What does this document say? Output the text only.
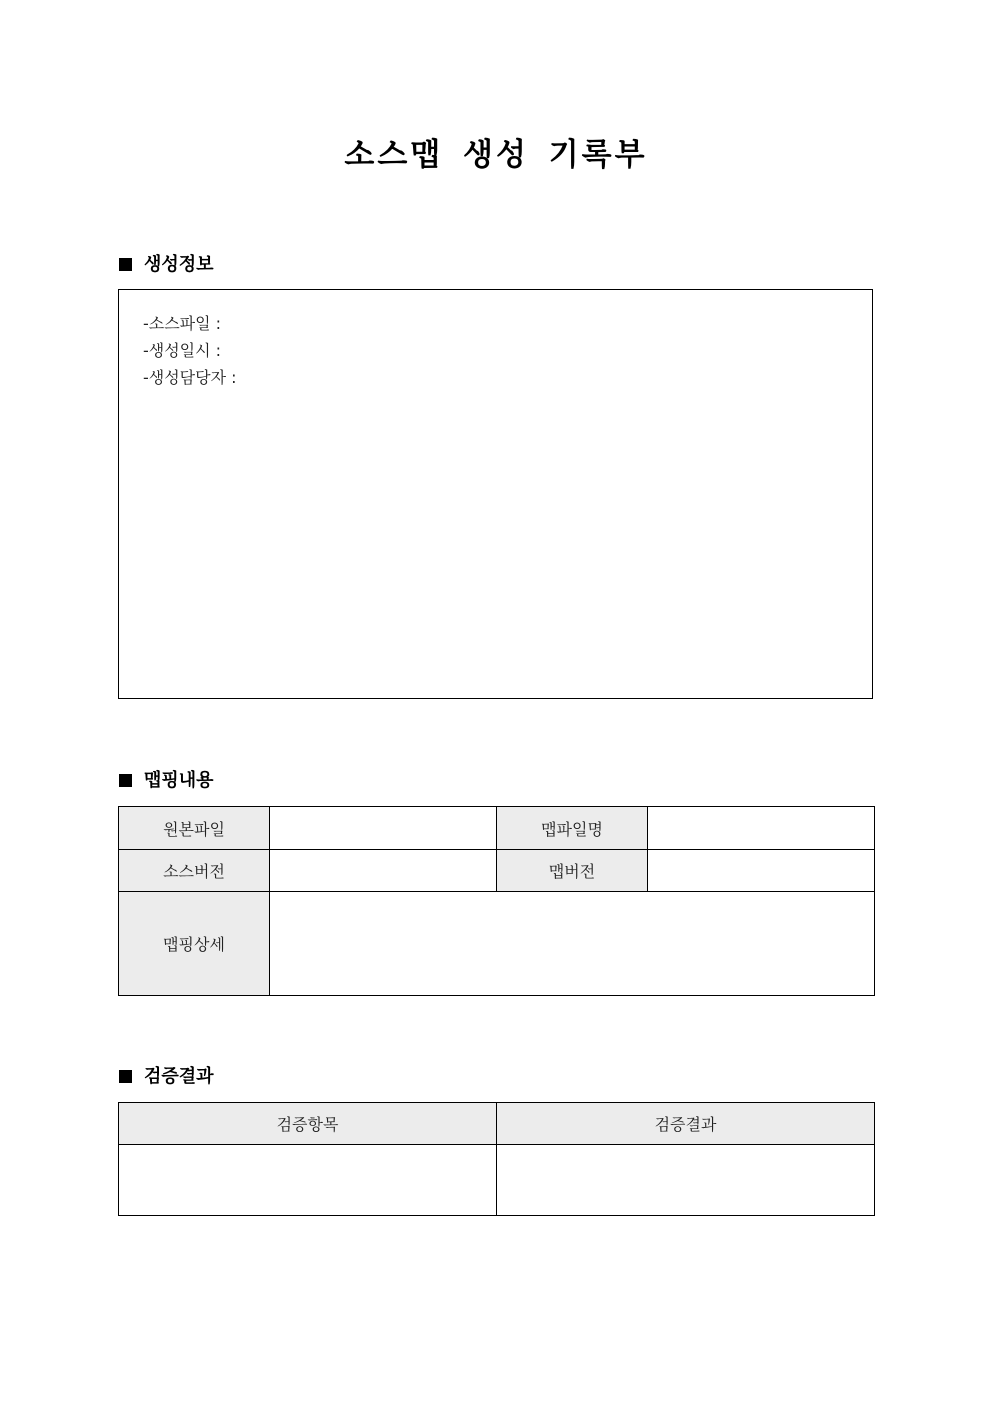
소스맵 생성 기록부
생성정보
-소스파일 :
-생성일시 :
-생성담당자 :
맵핑내용
원본파일		맵파일명	
소스버전		맵버전	
맵핑상세			
검증결과
검증항목	검증결과
